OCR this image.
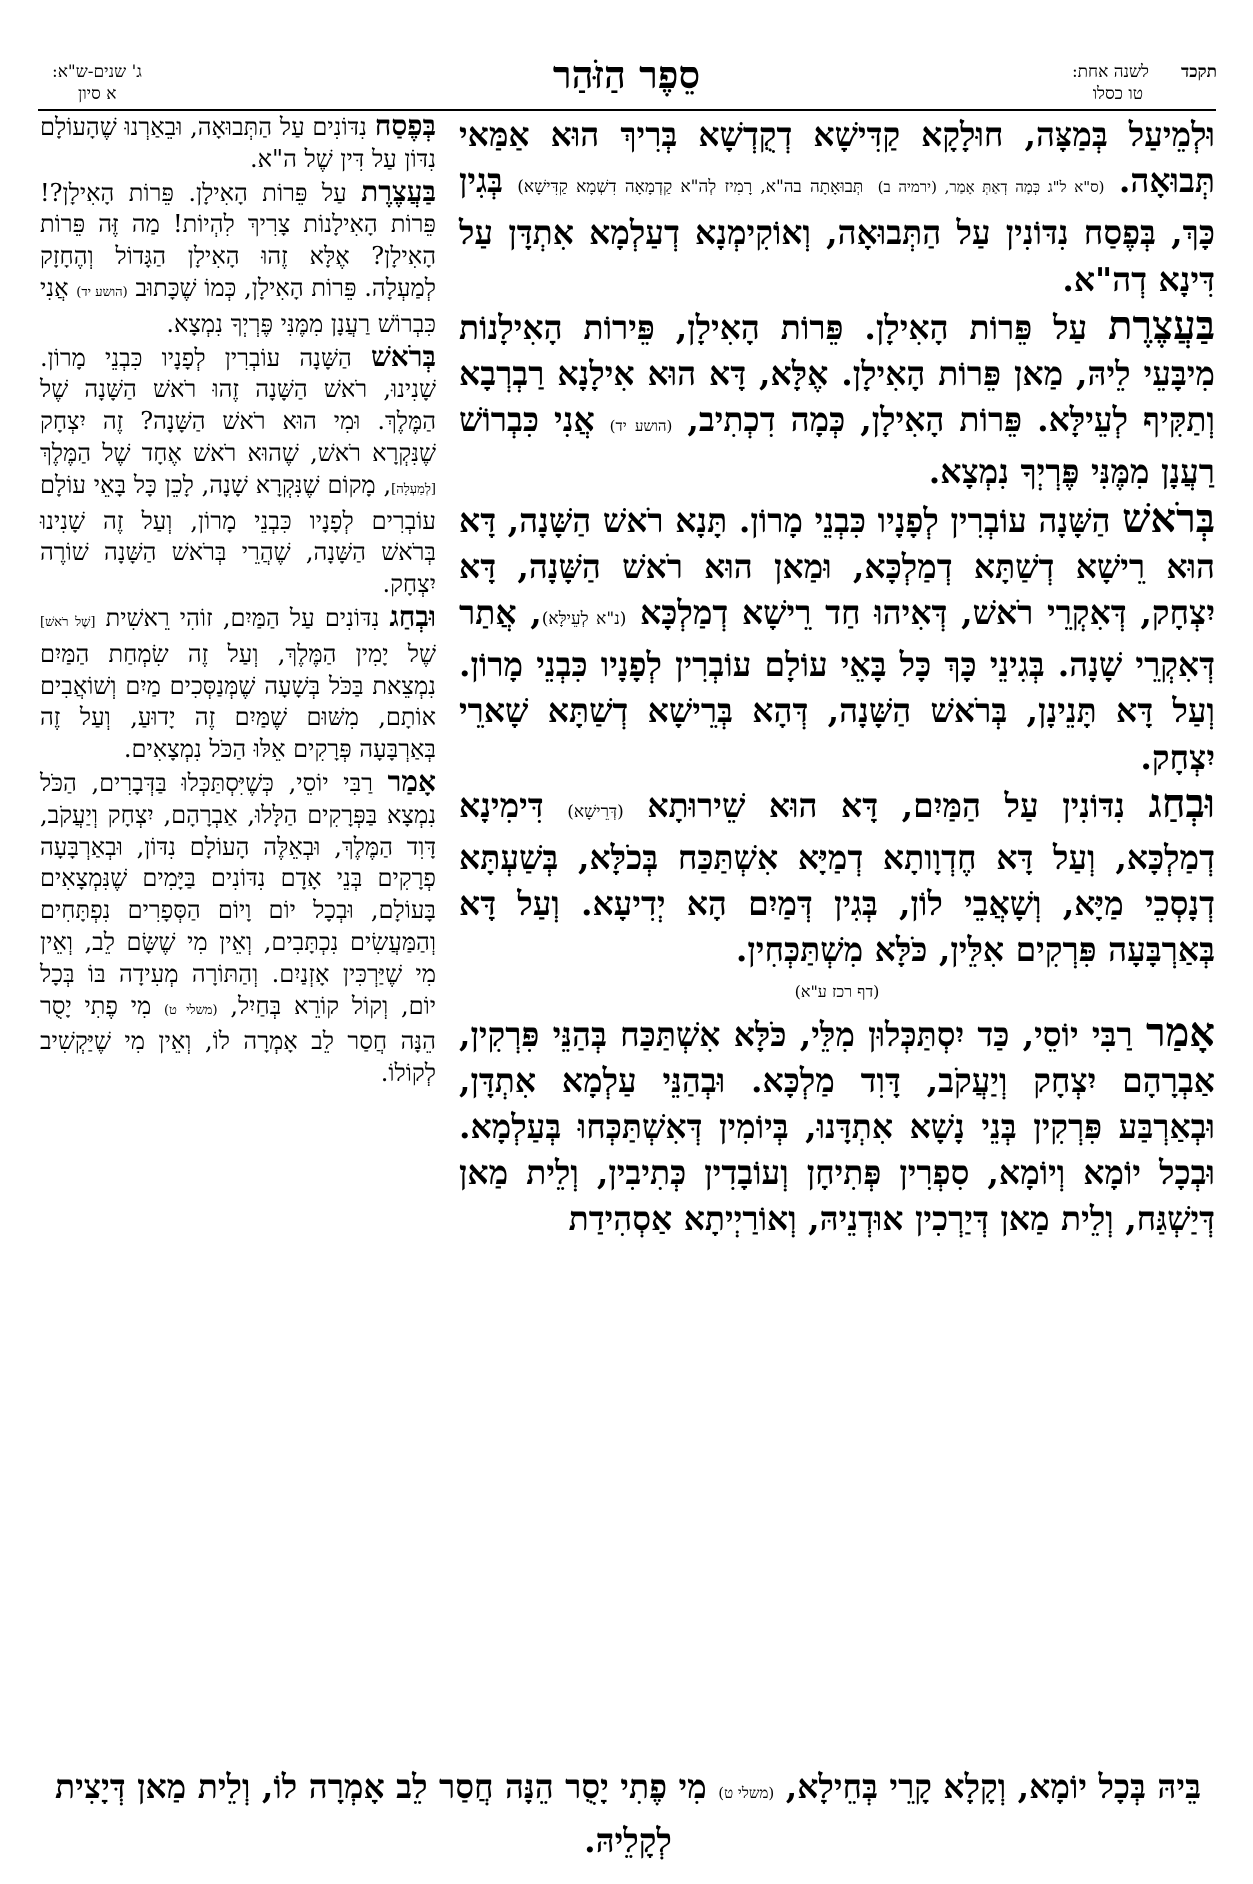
תקכד
לשנה אחת:
טו כסלו
סֵפֶר הַזֹּהַר
ג' שנים-ש"א:
א סיון

וּלְמֵיעַל בְּמַצָּה, חוּלָקָא קַדִּישָׁא דְקֻדְשָׁא בְּרִיךְ הוּא אַמַּאי תְּבוּאָה. (ס"א ל"ג כְּמָה דְאַתְּ אָמַר, (ירמיה ב) תְּבוּאָתָה בה"א, רָמִיז לְה"א קַדְמָאָה דִשְׁמָא קַדִּישָׁא) בְּגִין כָּךְ, בְּפֶסַח נִדּוֹנִין עַל הַתְּבוּאָה, וְאוֹקִימְנָא דְעַלְמָא אִתְדָּן עַל דִּינָא דְה"א.

בַּעֲצֶרֶת עַל פֵּרוֹת הָאִילָן. פֵּרוֹת הָאִילָן, פֵּירוֹת הָאִילָנוֹת מִיבָּעֵי לֵיהּ, מַאן פֵּרוֹת הָאִילָן. אֶלָּא, דָּא הוּא אִילָנָא רַבְרְבָא וְתַקִּיף לְעֵילָּא. פֵּרוֹת הָאִילָן, כְּמָה דִכְתִיב, (הושע יד) אֲנִי כִּבְרוֹשׁ רַעֲנָן מִמֶּנִּי פֶּרְיְךָ נִמְצָא.

בְּרֹאשׁ הַשָּׁנָה עוֹבְרִין לְפָנָיו כִּבְנֵי מָרוֹן. תָּנָא רֹאשׁ הַשָּׁנָה, דָּא הוּא רֵישָׁא דְשַׁתָּא דְמַלְכָּא, וּמַאן הוּא רֹאשׁ הַשָּׁנָה, דָּא יִצְחָק, דְּאִקְרֵי רֹאשׁ, דְּאִיהוּ חַד רֵישָׁא דְמַלְכָּא (נ"א לְעֵילָּא), אֲתַר דְּאִקְרֵי שָׁנָה. בְּגִינֵי כָּךְ כָּל בָּאֵי עוֹלָם עוֹבְרִין לְפָנָיו כִּבְנֵי מָרוֹן. וְעַל דָּא תָּנֵינָן, בְּרֹאשׁ הַשָּׁנָה, דְּהָא בְּרֵישָׁא דְשַׁתָּא שָׁארֵי יִצְחָק.

וּבְחַג נִדּוֹנִין עַל הַמַּיִם, דָּא הוּא שֵׁירוּתָא (דְּרֵישָׁא) דִּימִינָא דְמַלְכָּא, וְעַל דָּא חֶדְוָותָא דְמַיָּא אִשְׁתַּכַּח בְּכֹלָּא, בְּשַׁעְתָּא דְנָסְכֵי מַיָּא, וְשָׁאֲבֵי לוֹן, בְּגִין דְּמַיִם הָא יְדִיעָא. וְעַל דָּא בְּאַרְבָּעָה פִּרְקִים אִלֵּין, כֹּלָּא מִשְׁתַּכְּחִין.

(דף רכז ע"א)

אָמַר רַבִּי יוֹסֵי, כַּד יִסְתַּכְּלוּן מִלֵּי, כֹּלָּא אִשְׁתַּכַּח בְּהַנֵּי פִּרְקִין, אַבְרָהָם יִצְחָק וְיַעֲקֹב, דָּוִד מַלְכָּא. וּבְהַנֵּי עַלְמָא אִתְדָּן, וּבְאַרְבַּע פִּרְקִין בְּנֵי נָשָׁא אִתְדָּנוּ, בְּיוֹמִין דְּאִשְׁתַּכְּחוּ בְּעַלְמָא. וּבְכָל יוֹמָא וְיוֹמָא, סִפְרִין פְּתִיחָן וְעוֹבָדִין כְּתִיבִין, וְלֵית מַאן דְּיַשְׁגַּח, וְלֵית מַאן דְּיַרְכִין אוּדְנֵיהּ, וְאוֹרַיְיתָא אַסְהִידַת

בְּפֶסַח נִדּוֹנִים עַל הַתְּבוּאָה, וּבֵאַרְנוּ שֶׁהָעוֹלָם נִדּוֹן עַל דִּין שֶׁל ה"א.

בַּעֲצֶרֶת עַל פֵּרוֹת הָאִילָן. פֵּרוֹת הָאִילָן?! פֵּרוֹת הָאִילָנוֹת צָרִיךְ לִהְיוֹת! מַה זֶּה פֵּרוֹת הָאִילָן? אֶלָּא זֶהוּ הָאִילָן הַגָּדוֹל וְהֶחָזָק לְמַעְלָה. פֵּרוֹת הָאִילָן, כְּמוֹ שֶׁכָּתוּב (הושע יד) אֲנִי כִּבְרוֹשׁ רַעֲנָן מִמֶּנִּי פֶּרְיְךָ נִמְצָא.

בְּרֹאשׁ הַשָּׁנָה עוֹבְרִין לְפָנָיו כִּבְנֵי מָרוֹן. שָׁנִינוּ, רֹאשׁ הַשָּׁנָה זֶהוּ רֹאשׁ הַשָּׁנָה שֶׁל הַמֶּלֶךְ. וּמִי הוּא רֹאשׁ הַשָּׁנָה? זֶה יִצְחָק שֶׁנִּקְרָא רֹאשׁ, שֶׁהוּא רֹאשׁ אֶחָד שֶׁל הַמֶּלֶךְ [לְמַעְלָה], מָקוֹם שֶׁנִּקְרָא שָׁנָה, לָכֵן כָּל בָּאֵי עוֹלָם עוֹבְרִים לְפָנָיו כִּבְנֵי מָרוֹן, וְעַל זֶה שָׁנִינוּ בְּרֹאשׁ הַשָּׁנָה, שֶׁהֲרֵי בְּרֹאשׁ הַשָּׁנָה שׁוֹרֶה יִצְחָק.

וּבְחַג נִדּוֹנִים עַל הַמַּיִם, זוֹהִי רֵאשִׁית [שֶׁל רֹאשׁ] שֶׁל יָמִין הַמֶּלֶךְ, וְעַל זֶה שִׂמְחַת הַמַּיִם נִמְצֵאת בַּכֹּל בְּשָׁעָה שֶׁמְּנַסְּכִים מַיִם וְשׁוֹאֲבִים אוֹתָם, מִשּׁוּם שֶׁמַּיִם זֶה יָדוּעַ, וְעַל זֶה בְּאַרְבָּעָה פְּרָקִים אֵלּוּ הַכֹּל נִמְצָאִים.

אָמַר רַבִּי יוֹסֵי, כְּשֶׁיִּסְתַּכְּלוּ בַּדְּבָרִים, הַכֹּל נִמְצָא בַּפְּרָקִים הַלָּלוּ, אַבְרָהָם, יִצְחָק וְיַעֲקֹב, דָּוִד הַמֶּלֶךְ, וּבְאֵלֶּה הָעוֹלָם נִדּוֹן, וּבְאַרְבָּעָה פְרָקִים בְּנֵי אָדָם נִדּוֹנִים בַּיָּמִים שֶׁנִּמְצָאִים בָּעוֹלָם, וּבְכָל יוֹם וָיוֹם הַסְּפָרִים נִפְתָּחִים וְהַמַּעֲשִׂים נִכְתָּבִים, וְאֵין מִי שֶׁשָּׂם לֵב, וְאֵין מִי שֶׁיַּרְכִּין אָזְנַיִם. וְהַתּוֹרָה מְעִידָה בּוֹ בְּכָל יוֹם, וְקוֹל קוֹרֵא בְּחַיִל, (משלי ט) מִי פֶתִי יָסֻר הֵנָּה חֲסַר לֵב אָמְרָה לוֹ, וְאֵין מִי שֶׁיַּקְשִׁיב לְקוֹלוֹ.

בֵּיהּ בְּכָל יוֹמָא, וְקָלָא קָרֵי בְּחֵילָא, (משלי ט) מִי פֶתִי יָסֻר הֵנָּה חֲסַר לֵב אָמְרָה לוֹ, וְלֵית מַאן דְּיָצִית לְקָלֵיהּ.
